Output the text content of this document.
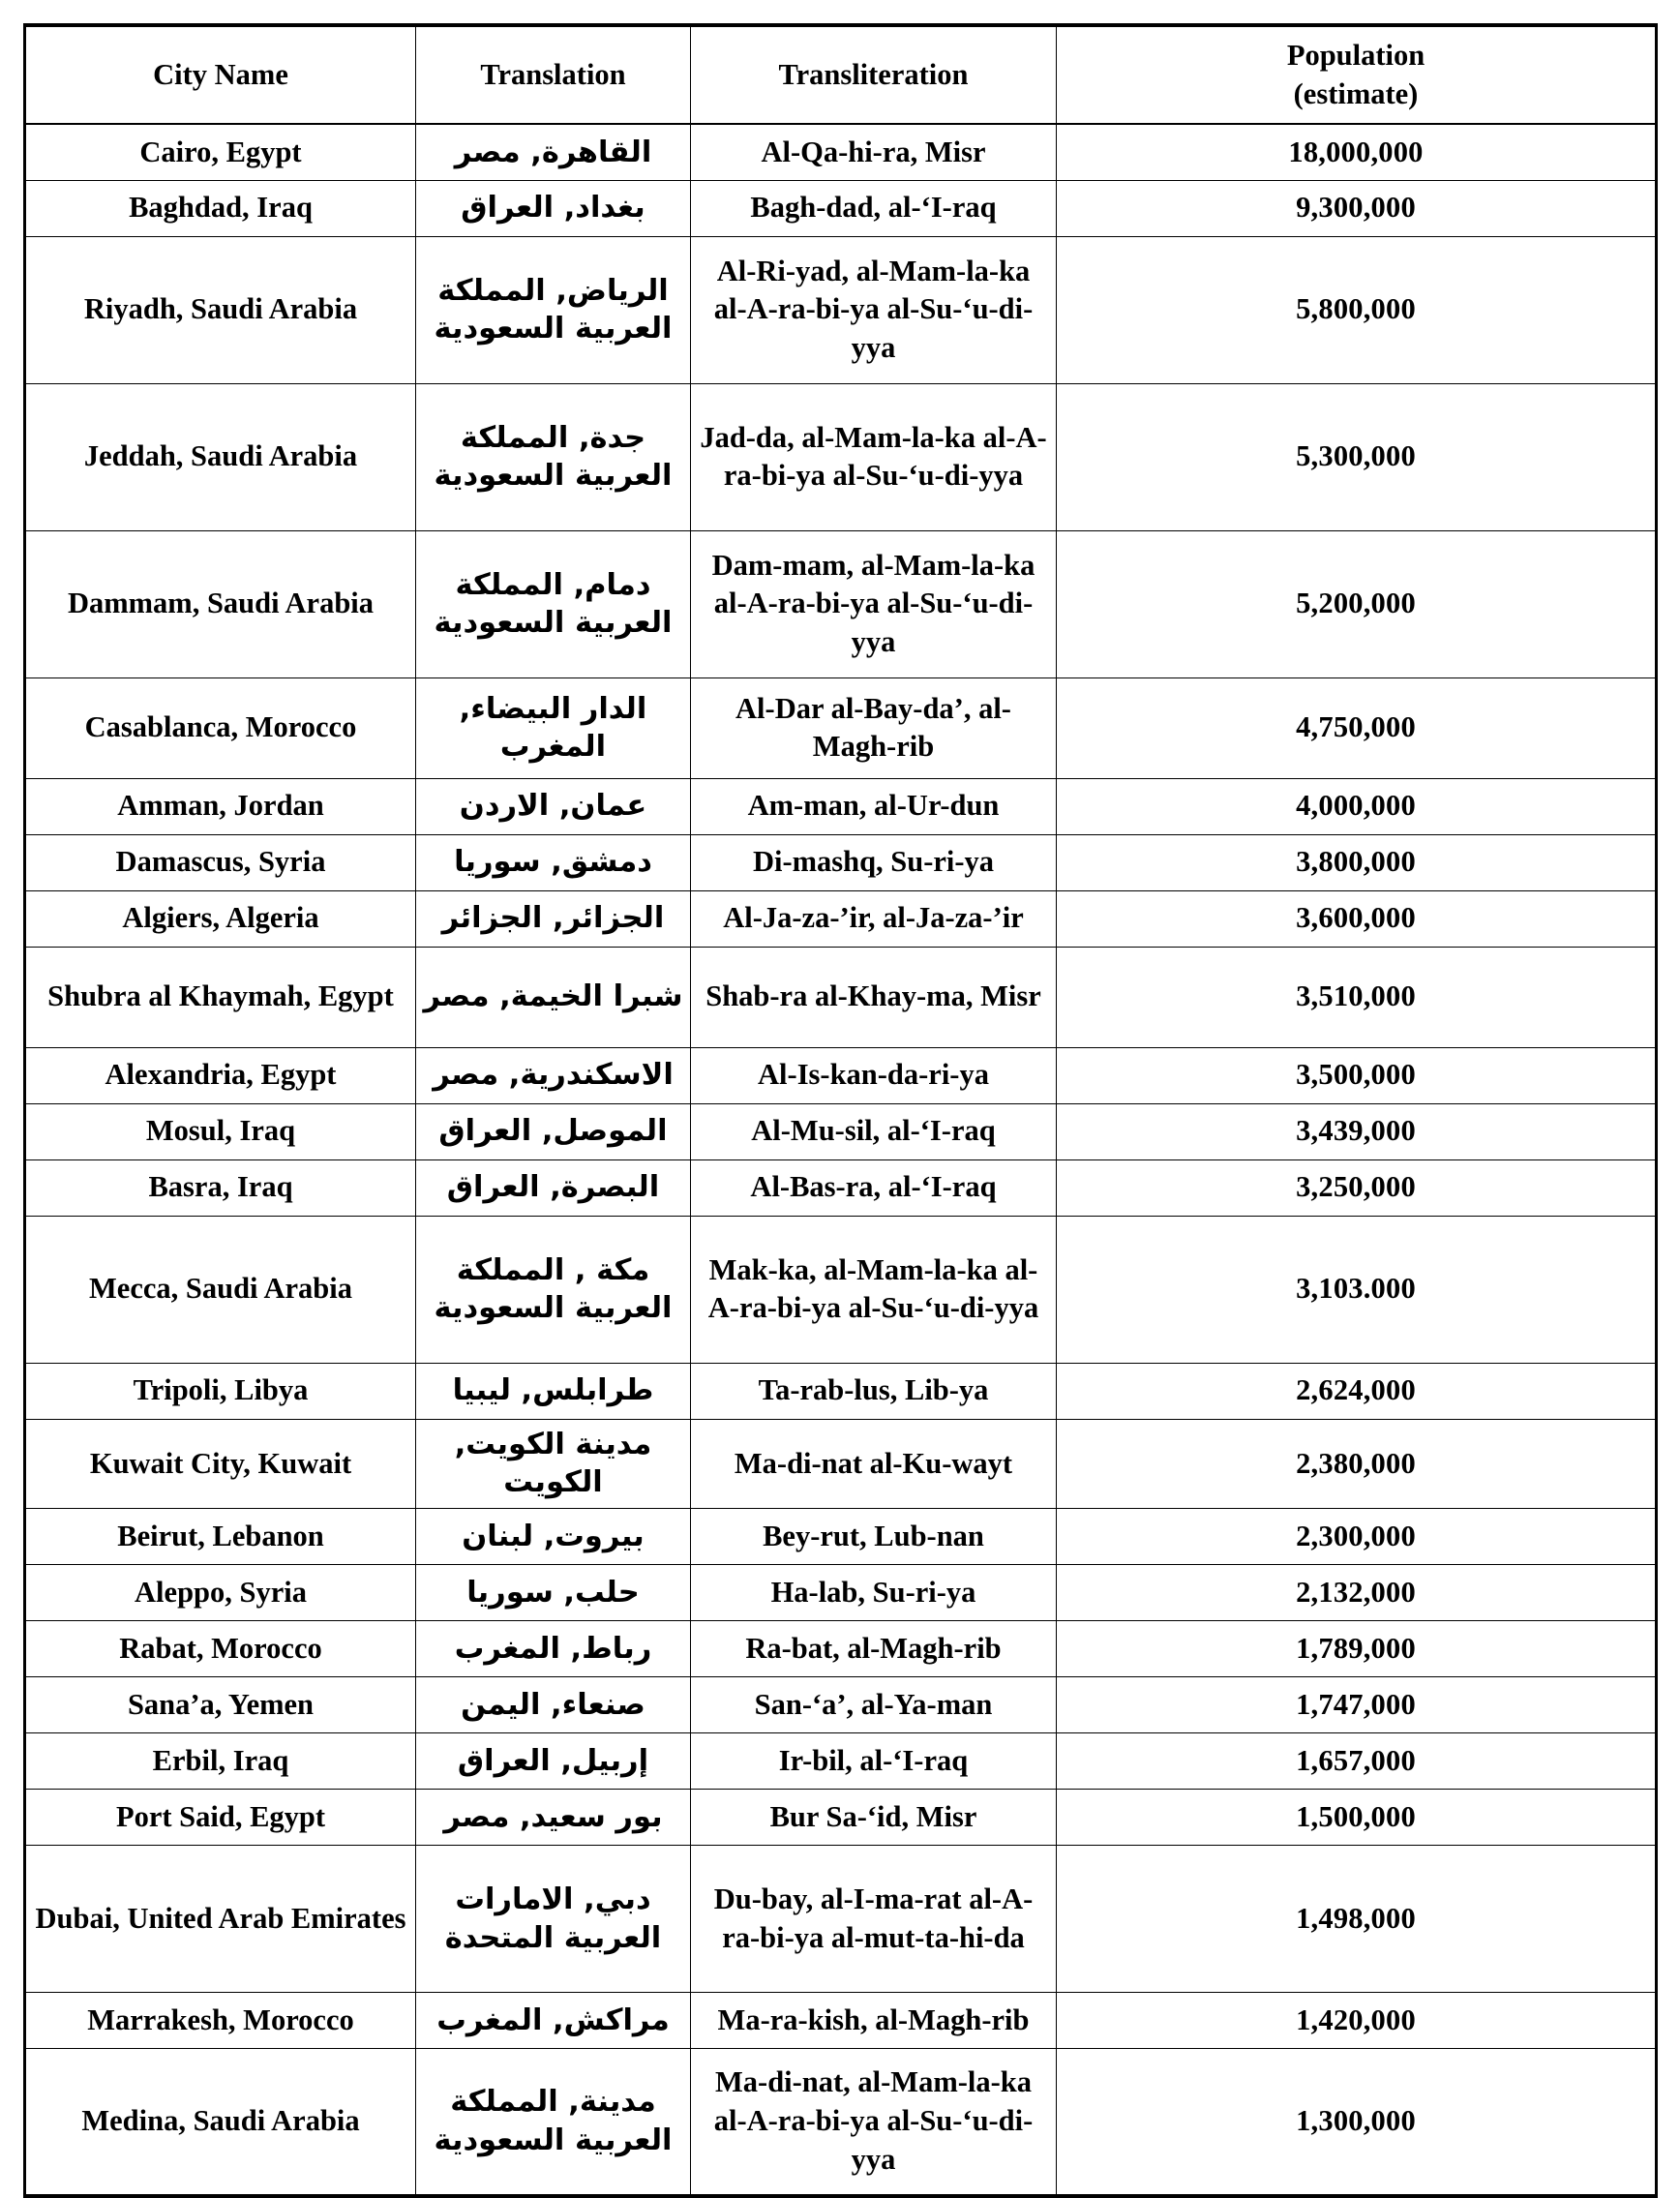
City Name	Translation	Transliteration	Population
(estimate)

Cairo, Egypt	القاهرة, مصر	Al-Qa-hi-ra, Misr	18,000,000
Baghdad, Iraq	بغداد, العراق	Bagh-dad, al-‘I-raq	9,300,000
Riyadh, Saudi Arabia	الرياض, المملكة العربية السعودية	Al-Ri-yad, al-Mam-la-ka al-A-ra-bi-ya al-Su-‘u-di-yya	5,800,000
Jeddah, Saudi Arabia	جدة, المملكة العربية السعودية	Jad-da, al-Mam-la-ka al-A-ra-bi-ya al-Su-‘u-di-yya	5,300,000
Dammam, Saudi Arabia	دمام, المملكة العربية السعودية	Dam-mam, al-Mam-la-ka al-A-ra-bi-ya al-Su-‘u-di-yya	5,200,000
Casablanca, Morocco	الدار البيضاء, المغرب	Al-Dar al-Bay-da’, al-Magh-rib	4,750,000
Amman, Jordan	عمان, الاردن	Am-man, al-Ur-dun	4,000,000
Damascus, Syria	دمشق, سوريا	Di-mashq, Su-ri-ya	3,800,000
Algiers, Algeria	الجزائر, الجزائر	Al-Ja-za-’ir, al-Ja-za-’ir	3,600,000
Shubra al Khaymah, Egypt	شبرا الخيمة, مصر	Shab-ra al-Khay-ma, Misr	3,510,000
Alexandria, Egypt	الاسكندرية, مصر	Al-Is-kan-da-ri-ya	3,500,000
Mosul, Iraq	الموصل, العراق	Al-Mu-sil, al-‘I-raq	3,439,000
Basra, Iraq	البصرة, العراق	Al-Bas-ra, al-‘I-raq	3,250,000
Mecca, Saudi Arabia	مكة , المملكة العربية السعودية	Mak-ka, al-Mam-la-ka al-A-ra-bi-ya al-Su-‘u-di-yya	3,103.000
Tripoli, Libya	طرابلس, ليبيا	Ta-rab-lus, Lib-ya	2,624,000
Kuwait City, Kuwait	مدينة الكويت, الكويت	Ma-di-nat al-Ku-wayt	2,380,000
Beirut, Lebanon	بيروت, لبنان	Bey-rut, Lub-nan	2,300,000
Aleppo, Syria	حلب, سوريا	Ha-lab, Su-ri-ya	2,132,000
Rabat, Morocco	رباط, المغرب	Ra-bat, al-Magh-rib	1,789,000
Sana’a, Yemen	صنعاء, اليمن	San-‘a’, al-Ya-man	1,747,000
Erbil, Iraq	إربيل, العراق	Ir-bil, al-‘I-raq	1,657,000
Port Said, Egypt	بور سعيد, مصر	Bur Sa-‘id, Misr	1,500,000
Dubai, United Arab Emirates	دبي, الامارات العربية المتحدة	Du-bay, al-I-ma-rat al-A-ra-bi-ya al-mut-ta-hi-da	1,498,000
Marrakesh, Morocco	مراكش, المغرب	Ma-ra-kish, al-Magh-rib	1,420,000
Medina, Saudi Arabia	مدينة, المملكة العربية السعودية	Ma-di-nat, al-Mam-la-ka al-A-ra-bi-ya al-Su-‘u-di-yya	1,300,000
